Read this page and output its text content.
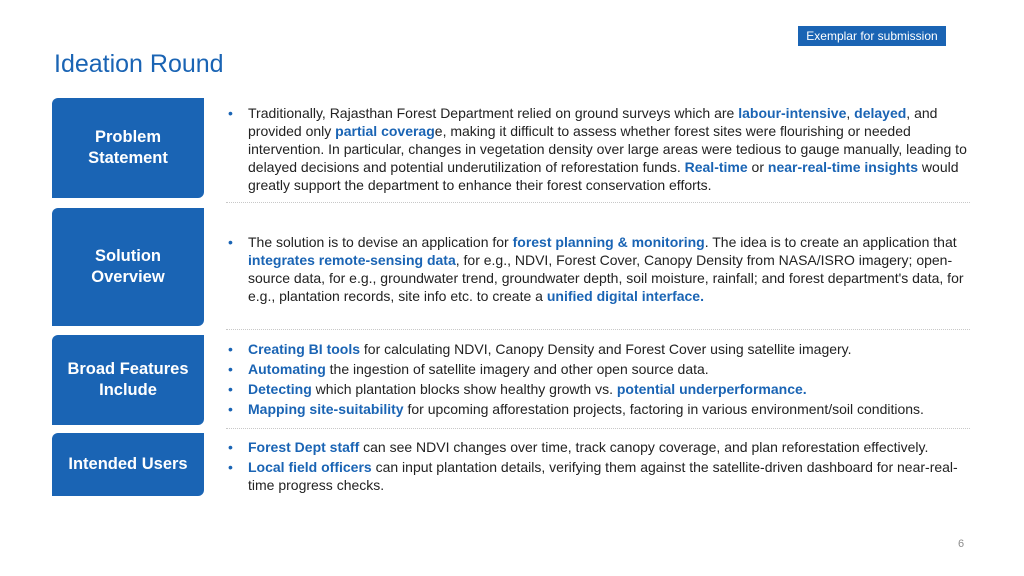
Exemplar for submission
Ideation Round
Problem
Statement
• Traditionally, Rajasthan Forest Department relied on ground surveys which are labour-intensive, delayed, and provided only partial coverage, making it difficult to assess whether forest sites were flourishing or needed intervention. In particular, changes in vegetation density over large areas were tedious to gauge manually, leading to delayed decisions and potential underutilization of reforestation funds. Real-time or near-real-time insights would greatly support the department to enhance their forest conservation efforts.
Solution
Overview
• The solution is to devise an application for forest planning & monitoring. The idea is to create an application that integrates remote-sensing data, for e.g., NDVI, Forest Cover, Canopy Density from NASA/ISRO imagery; open-source data, for e.g., groundwater trend, groundwater depth, soil moisture, rainfall; and forest department's data, for e.g., plantation records, site info etc. to create a unified digital interface.
Broad Features
Include
• Creating BI tools for calculating NDVI, Canopy Density and Forest Cover using satellite imagery.
• Automating the ingestion of satellite imagery and other open source data.
• Detecting which plantation blocks show healthy growth vs. potential underperformance.
• Mapping site-suitability for upcoming afforestation projects, factoring in various environment/soil conditions.
Intended Users
• Forest Dept staff can see NDVI changes over time, track canopy coverage, and plan reforestation effectively.
• Local field officers can input plantation details, verifying them against the satellite-driven dashboard for near-real-time progress checks.
6
